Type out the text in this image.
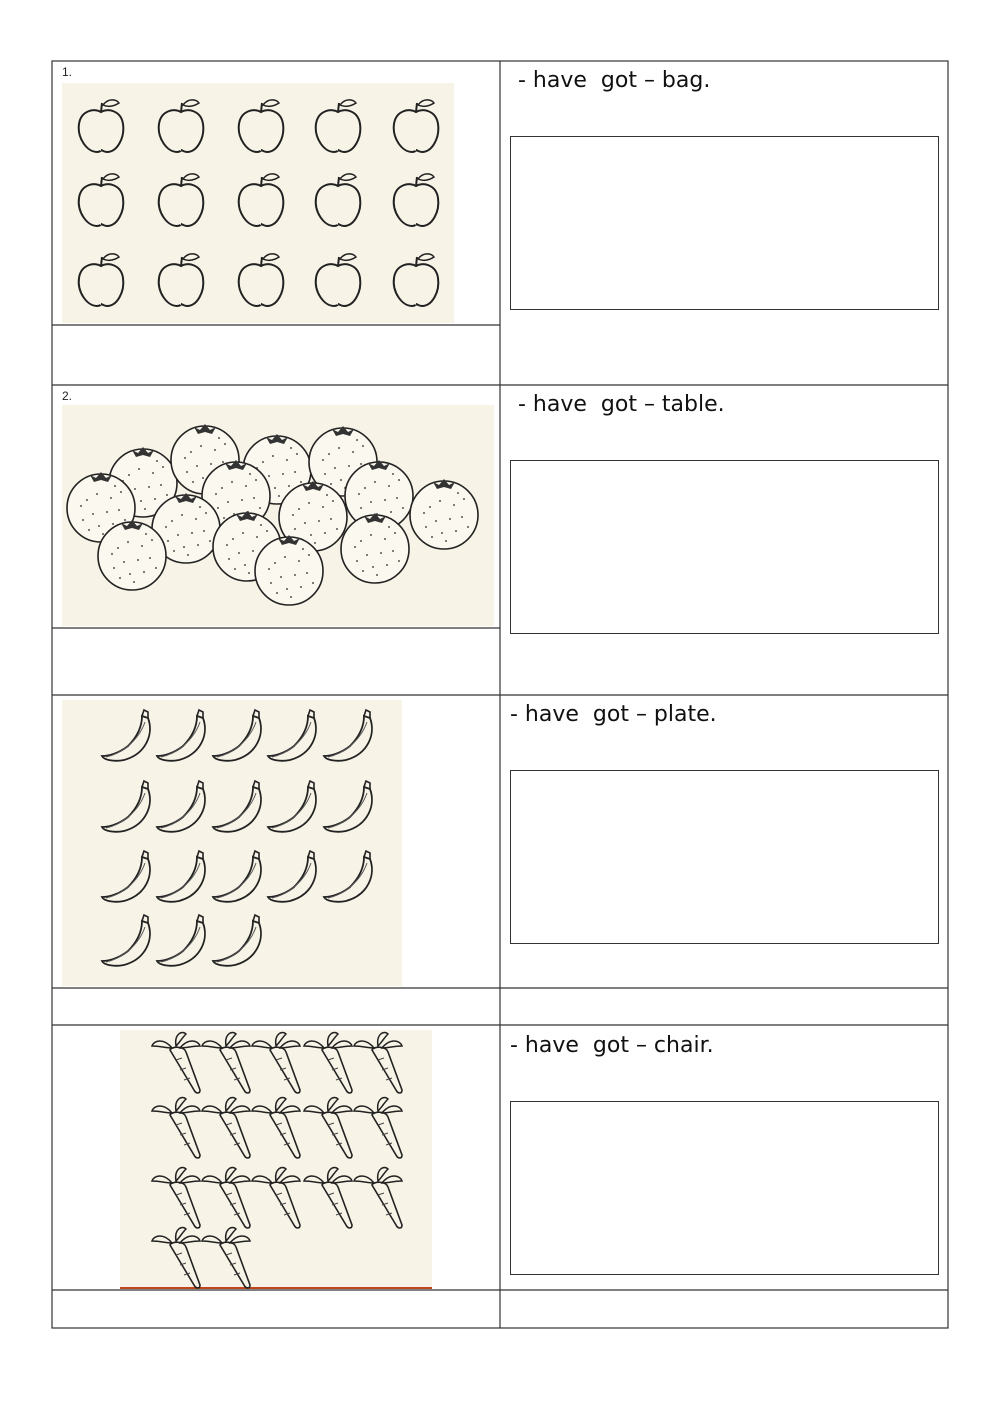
1.	- have  got – bag.
2.	- have  got – table.
- have  got – plate.
- have  got – chair.
